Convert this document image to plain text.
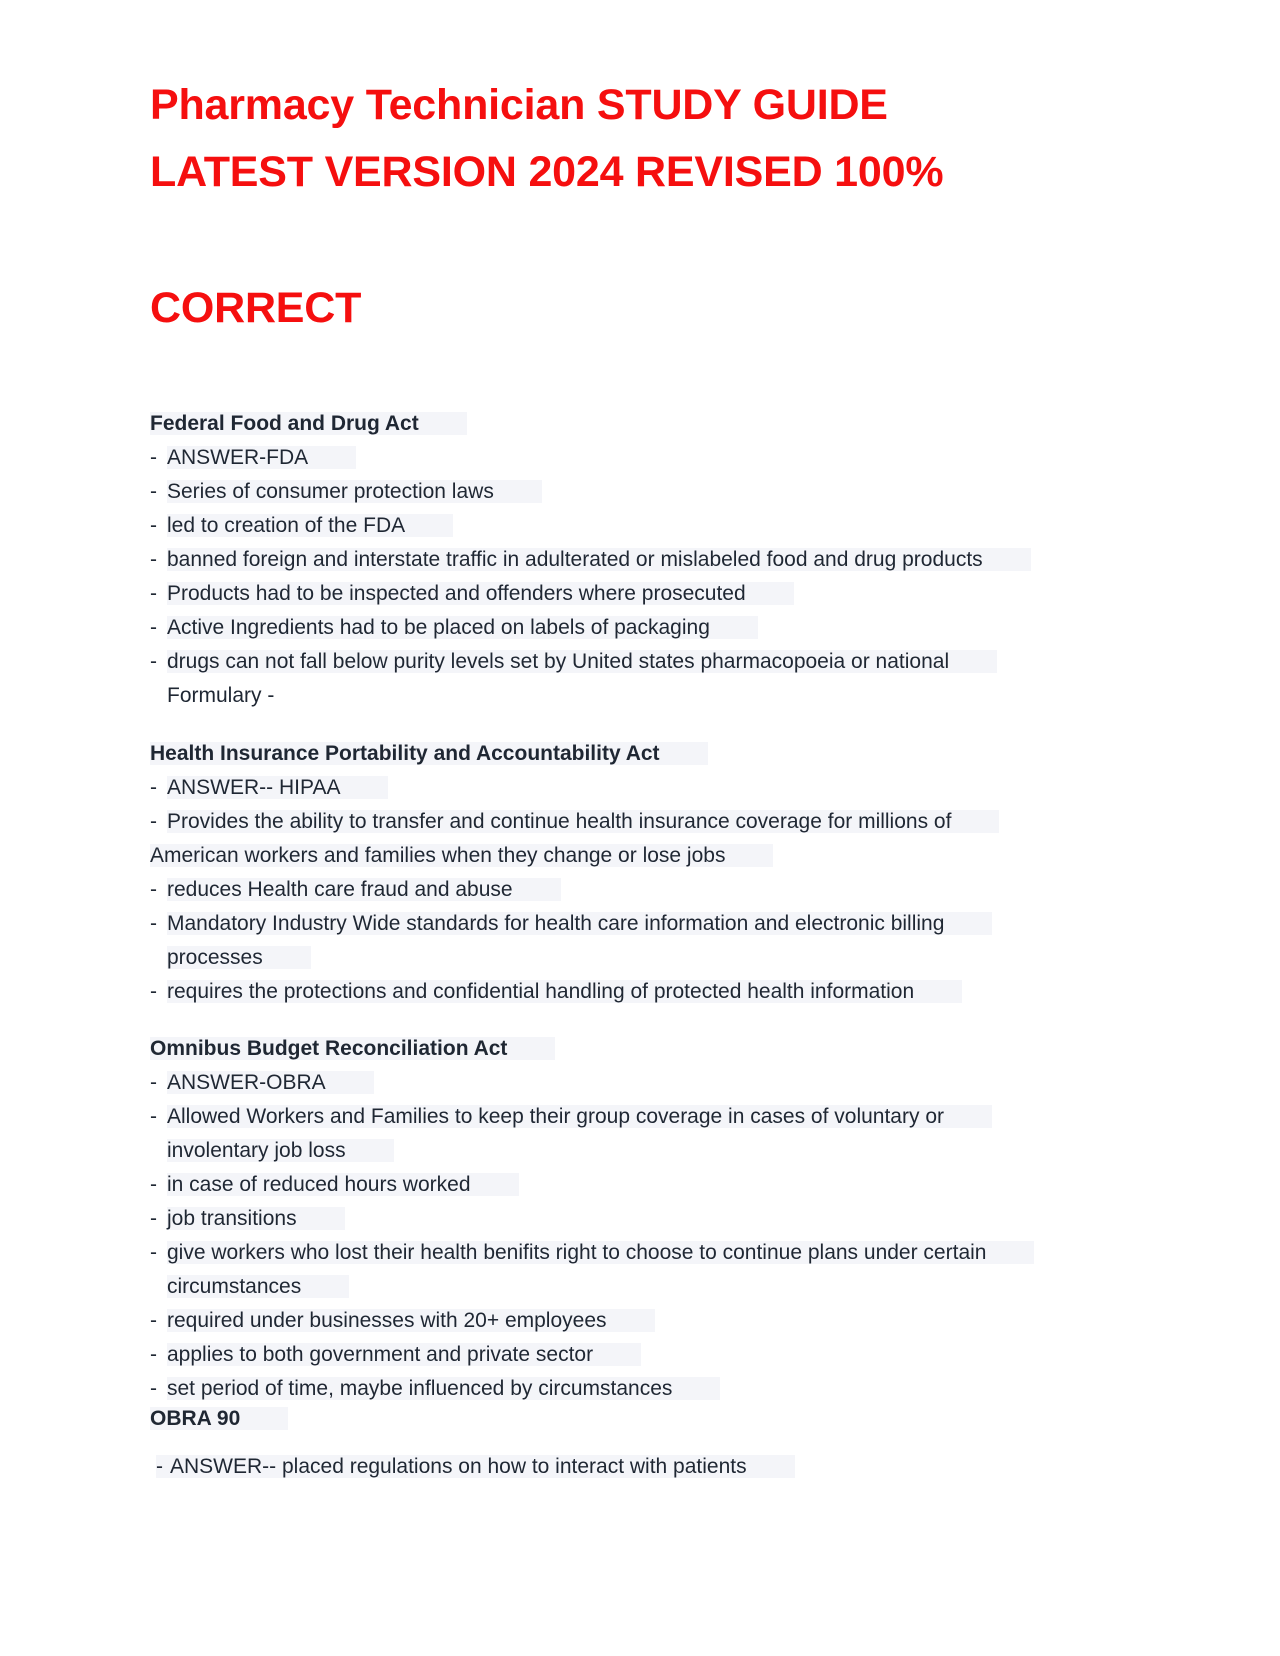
Pharmacy Technician STUDY GUIDE
LATEST VERSION 2024 REVISED 100%
CORRECT
Federal Food and Drug Act
- ANSWER-FDA
- Series of consumer protection laws
- led to creation of the FDA
- banned foreign and interstate traffic in adulterated or mislabeled food and drug products
- Products had to be inspected and offenders where prosecuted
- Active Ingredients had to be placed on labels of packaging
- drugs can not fall below purity levels set by United states pharmacopoeia or national
Formulary -
Health Insurance Portability and Accountability Act
- ANSWER-- HIPAA
- Provides the ability to transfer and continue health insurance coverage for millions of
American workers and families when they change or lose jobs
- reduces Health care fraud and abuse
- Mandatory Industry Wide standards for health care information and electronic billing
processes
- requires the protections and confidential handling of protected health information
Omnibus Budget Reconciliation Act
- ANSWER-OBRA
- Allowed Workers and Families to keep their group coverage in cases of voluntary or
involentary job loss
- in case of reduced hours worked
- job transitions
- give workers who lost their health benifits right to choose to continue plans under certain
circumstances
- required under businesses with 20+ employees
- applies to both government and private sector
- set period of time, maybe influenced by circumstances
OBRA 90
- ANSWER-- placed regulations on how to interact with patients
